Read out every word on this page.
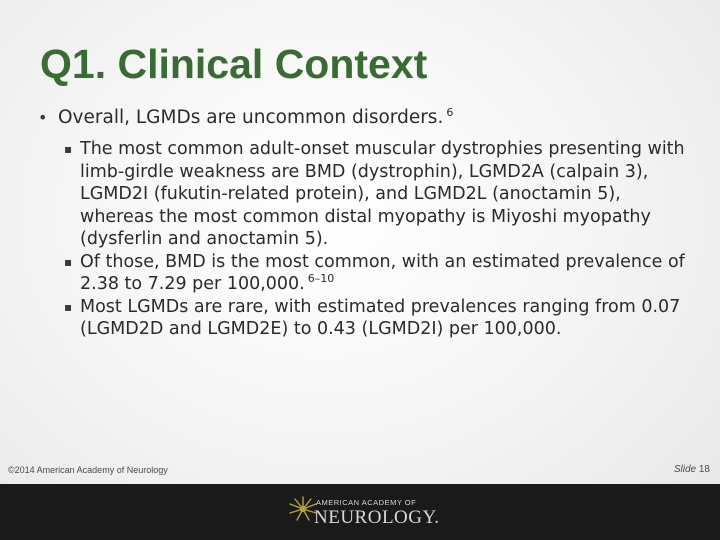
Q1. Clinical Context
• Overall, LGMDs are uncommon disorders. $^6$
▪ The most common adult-onset muscular dystrophies presenting with limb-girdle weakness are BMD (dystrophin), LGMD2A (calpain 3), LGMD2I (fukutin-related protein), and LGMD2L (anoctamin 5), whereas the most common distal myopathy is Miyoshi myopathy (dysferlin and anoctamin 5).
▪ Of those, BMD is the most common, with an estimated prevalence of 2.38 to 7.29 per 100,000. $^{6-10}$
▪ Most LGMDs are rare, with estimated prevalences ranging from 0.07 (LGMD2D and LGMD2E) to 0.43 (LGMD2I) per 100,000.
©2014 American Academy of Neurology	Slide 18
AMERICAN ACADEMY OF
NEUROLOGY.
